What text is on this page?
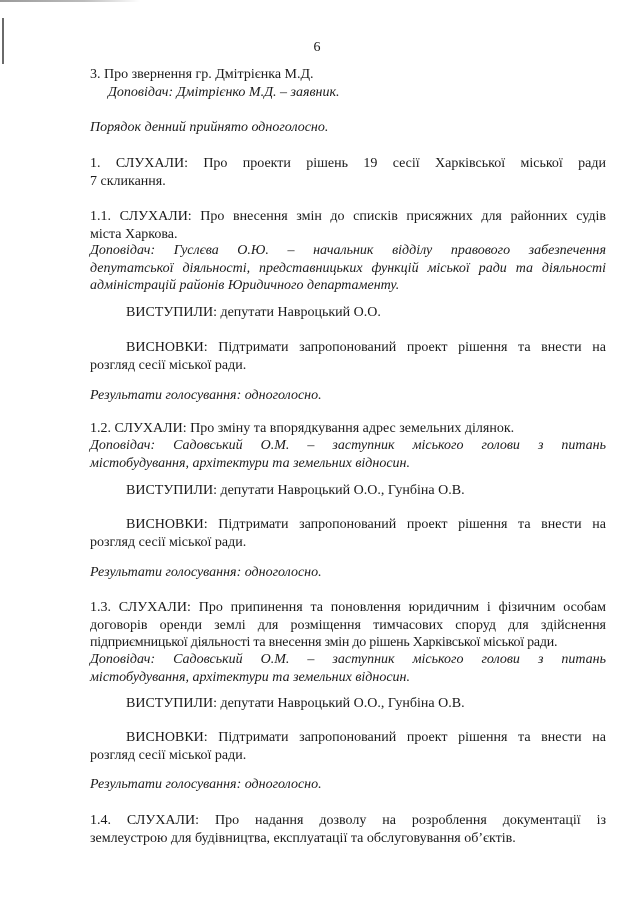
6
3. Про звернення гр. Дмітрієнка М.Д.
Доповідач: Дмітрієнко М.Д. – заявник.
Порядок денний прийнято одноголосно.
1. СЛУХАЛИ: Про проекти рішень 19 сесії Харківської міської ради
7 скликання.
1.1. СЛУХАЛИ: Про внесення змін до списків присяжних для районних судів
міста Харкова.
Доповідач: Гуслєва О.Ю. – начальник відділу правового забезпечення
депутатської діяльності, представницьких функцій міської ради та діяльності
адміністрацій районів Юридичного департаменту.
ВИСТУПИЛИ: депутати Навроцький О.О.
ВИСНОВКИ: Підтримати запропонований проект рішення та внести на
розгляд сесії міської ради.
Результати голосування: одноголосно.
1.2. СЛУХАЛИ: Про зміну та впорядкування адрес земельних ділянок.
Доповідач: Садовський О.М. – заступник міського голови з питань
містобудування, архітектури та земельних відносин.
ВИСТУПИЛИ: депутати Навроцький О.О., Гунбіна О.В.
ВИСНОВКИ: Підтримати запропонований проект рішення та внести на
розгляд сесії міської ради.
Результати голосування: одноголосно.
1.3. СЛУХАЛИ: Про припинення та поновлення юридичним і фізичним особам
договорів оренди землі для розміщення тимчасових споруд для здійснення
підприємницької діяльності та внесення змін до рішень Харківської міської ради.
Доповідач: Садовський О.М. – заступник міського голови з питань
містобудування, архітектури та земельних відносин.
ВИСТУПИЛИ: депутати Навроцький О.О., Гунбіна О.В.
ВИСНОВКИ: Підтримати запропонований проект рішення та внести на
розгляд сесії міської ради.
Результати голосування: одноголосно.
1.4. СЛУХАЛИ: Про надання дозволу на розроблення документації із
землеустрою для будівництва, експлуатації та обслуговування об’єктів.
